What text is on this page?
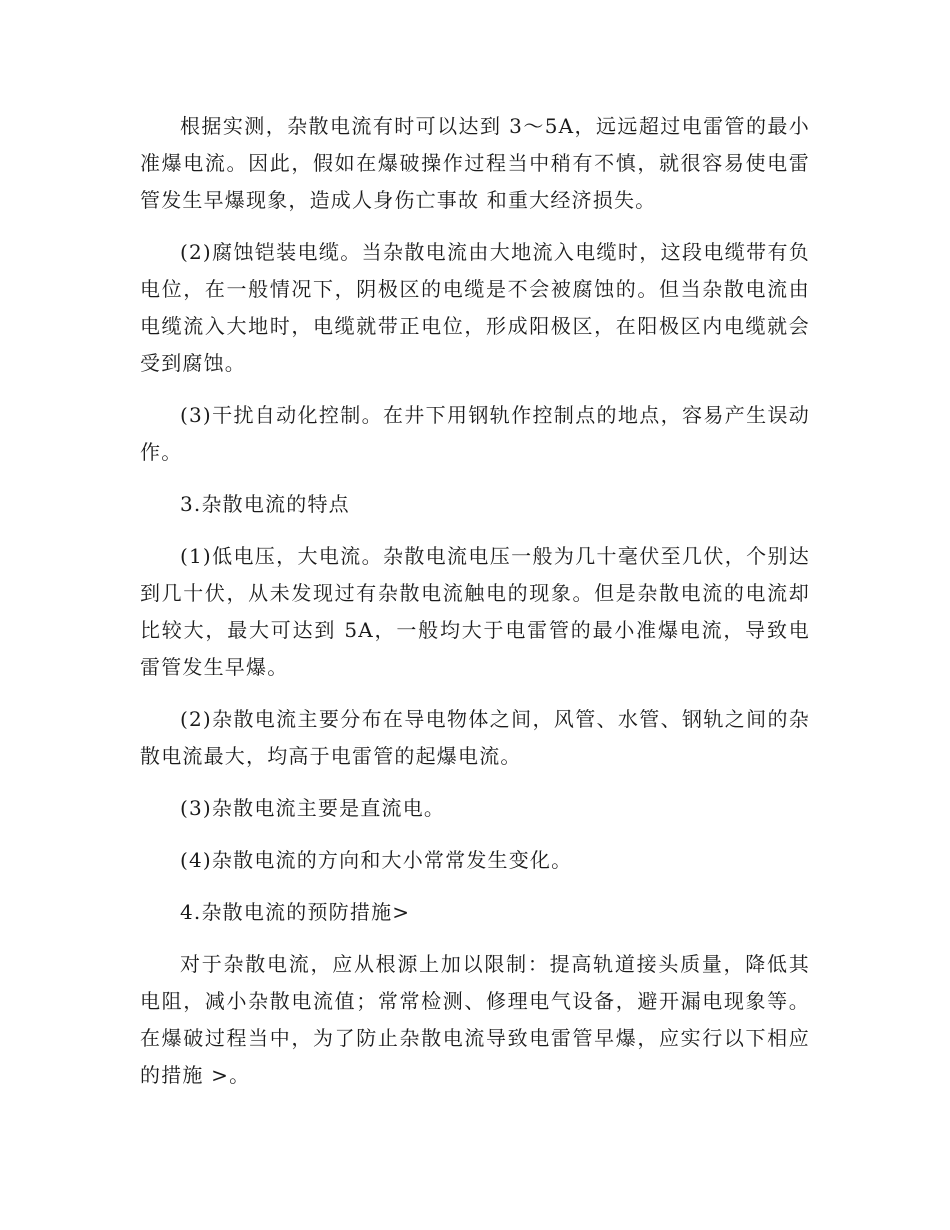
根据实测，杂散电流有时可以达到 3～5A，远远超过电雷管的最小准爆电流。因此，假如在爆破操作过程当中稍有不慎，就很容易使电雷管发生早爆现象，造成人身伤亡事故 和重大经济损失。

(2)腐蚀铠装电缆。当杂散电流由大地流入电缆时，这段电缆带有负电位，在一般情况下，阴极区的电缆是不会被腐蚀的。但当杂散电流由电缆流入大地时，电缆就带正电位，形成阳极区，在阳极区内电缆就会受到腐蚀。

(3)干扰自动化控制。在井下用钢轨作控制点的地点，容易产生误动作。

3.杂散电流的特点

(1)低电压，大电流。杂散电流电压一般为几十毫伏至几伏，个别达到几十伏，从未发现过有杂散电流触电的现象。但是杂散电流的电流却比较大，最大可达到 5A，一般均大于电雷管的最小准爆电流，导致电雷管发生早爆。

(2)杂散电流主要分布在导电物体之间，风管、水管、钢轨之间的杂散电流最大，均高于电雷管的起爆电流。

(3)杂散电流主要是直流电。

(4)杂散电流的方向和大小常常发生变化。

4.杂散电流的预防措施>

对于杂散电流，应从根源上加以限制：提高轨道接头质量，降低其电阻，减小杂散电流值；常常检测、修理电气设备，避开漏电现象等。 在爆破过程当中，为了防止杂散电流导致电雷管早爆，应实行以下相应的措施 >。
